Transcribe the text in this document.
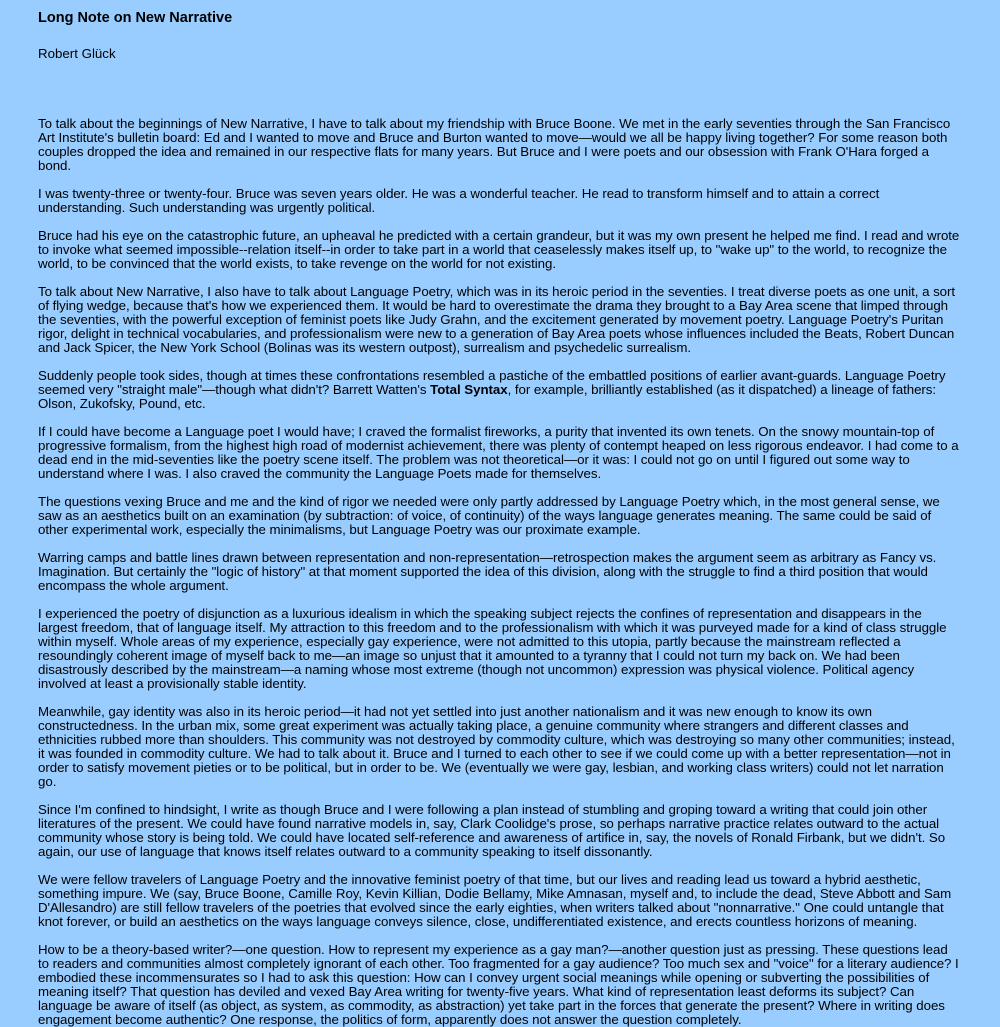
Long Note on New Narrative

Robert Glück

To talk about the beginnings of New Narrative, I have to talk about my friendship with Bruce Boone. We met in the early seventies through the San Francisco Art Institute's bulletin board: Ed and I wanted to move and Bruce and Burton wanted to move—would we all be happy living together? For some reason both couples dropped the idea and remained in our respective flats for many years. But Bruce and I were poets and our obsession with Frank O'Hara forged a bond.

I was twenty-three or twenty-four. Bruce was seven years older. He was a wonderful teacher. He read to transform himself and to attain a correct understanding. Such understanding was urgently political.

Bruce had his eye on the catastrophic future, an upheaval he predicted with a certain grandeur, but it was my own present he helped me find. I read and wrote to invoke what seemed impossible--relation itself--in order to take part in a world that ceaselessly makes itself up, to "wake up" to the world, to recognize the world, to be convinced that the world exists, to take revenge on the world for not existing.

To talk about New Narrative, I also have to talk about Language Poetry, which was in its heroic period in the seventies. I treat diverse poets as one unit, a sort of flying wedge, because that's how we experienced them. It would be hard to overestimate the drama they brought to a Bay Area scene that limped through the seventies, with the powerful exception of feminist poets like Judy Grahn, and the excitement generated by movement poetry. Language Poetry's Puritan rigor, delight in technical vocabularies, and professionalism were new to a generation of Bay Area poets whose influences included the Beats, Robert Duncan and Jack Spicer, the New York School (Bolinas was its western outpost), surrealism and psychedelic surrealism.

Suddenly people took sides, though at times these confrontations resembled a pastiche of the embattled positions of earlier avant-guards. Language Poetry seemed very "straight male"—though what didn't? Barrett Watten's Total Syntax, for example, brilliantly established (as it dispatched) a lineage of fathers: Olson, Zukofsky, Pound, etc.

If I could have become a Language poet I would have; I craved the formalist fireworks, a purity that invented its own tenets. On the snowy mountain-top of progressive formalism, from the highest high road of modernist achievement, there was plenty of contempt heaped on less rigorous endeavor. I had come to a dead end in the mid-seventies like the poetry scene itself. The problem was not theoretical—or it was: I could not go on until I figured out some way to understand where I was. I also craved the community the Language Poets made for themselves.

The questions vexing Bruce and me and the kind of rigor we needed were only partly addressed by Language Poetry which, in the most general sense, we saw as an aesthetics built on an examination (by subtraction: of voice, of continuity) of the ways language generates meaning. The same could be said of other experimental work, especially the minimalisms, but Language Poetry was our proximate example.

Warring camps and battle lines drawn between representation and non-representation—retrospection makes the argument seem as arbitrary as Fancy vs. Imagination. But certainly the "logic of history" at that moment supported the idea of this division, along with the struggle to find a third position that would encompass the whole argument.

I experienced the poetry of disjunction as a luxurious idealism in which the speaking subject rejects the confines of representation and disappears in the largest freedom, that of language itself. My attraction to this freedom and to the professionalism with which it was purveyed made for a kind of class struggle within myself. Whole areas of my experience, especially gay experience, were not admitted to this utopia, partly because the mainstream reflected a resoundingly coherent image of myself back to me—an image so unjust that it amounted to a tyranny that I could not turn my back on. We had been disastrously described by the mainstream—a naming whose most extreme (though not uncommon) expression was physical violence. Political agency involved at least a provisionally stable identity.

Meanwhile, gay identity was also in its heroic period—it had not yet settled into just another nationalism and it was new enough to know its own constructedness. In the urban mix, some great experiment was actually taking place, a genuine community where strangers and different classes and ethnicities rubbed more than shoulders. This community was not destroyed by commodity culture, which was destroying so many other communities; instead, it was founded in commodity culture. We had to talk about it. Bruce and I turned to each other to see if we could come up with a better representation—not in order to satisfy movement pieties or to be political, but in order to be. We (eventually we were gay, lesbian, and working class writers) could not let narration go.

Since I'm confined to hindsight, I write as though Bruce and I were following a plan instead of stumbling and groping toward a writing that could join other literatures of the present. We could have found narrative models in, say, Clark Coolidge's prose, so perhaps narrative practice relates outward to the actual community whose story is being told. We could have located self-reference and awareness of artifice in, say, the novels of Ronald Firbank, but we didn't. So again, our use of language that knows itself relates outward to a community speaking to itself dissonantly.

We were fellow travelers of Language Poetry and the innovative feminist poetry of that time, but our lives and reading lead us toward a hybrid aesthetic, something impure. We (say, Bruce Boone, Camille Roy, Kevin Killian, Dodie Bellamy, Mike Amnasan, myself and, to include the dead, Steve Abbott and Sam D'Allesandro) are still fellow travelers of the poetries that evolved since the early eighties, when writers talked about "nonnarrative." One could untangle that knot forever, or build an aesthetics on the ways language conveys silence, close, undifferentiated existence, and erects countless horizons of meaning.

How to be a theory-based writer?—one question. How to represent my experience as a gay man?—another question just as pressing. These questions lead to readers and communities almost completely ignorant of each other. Too fragmented for a gay audience? Too much sex and "voice" for a literary audience? I embodied these incommensurates so I had to ask this question: How can I convey urgent social meanings while opening or subverting the possibilities of meaning itself? That question has deviled and vexed Bay Area writing for twenty-five years. What kind of representation least deforms its subject? Can language be aware of itself (as object, as system, as commodity, as abstraction) yet take part in the forces that generate the present? Where in writing does engagement become authentic? One response, the politics of form, apparently does not answer the question completely.
